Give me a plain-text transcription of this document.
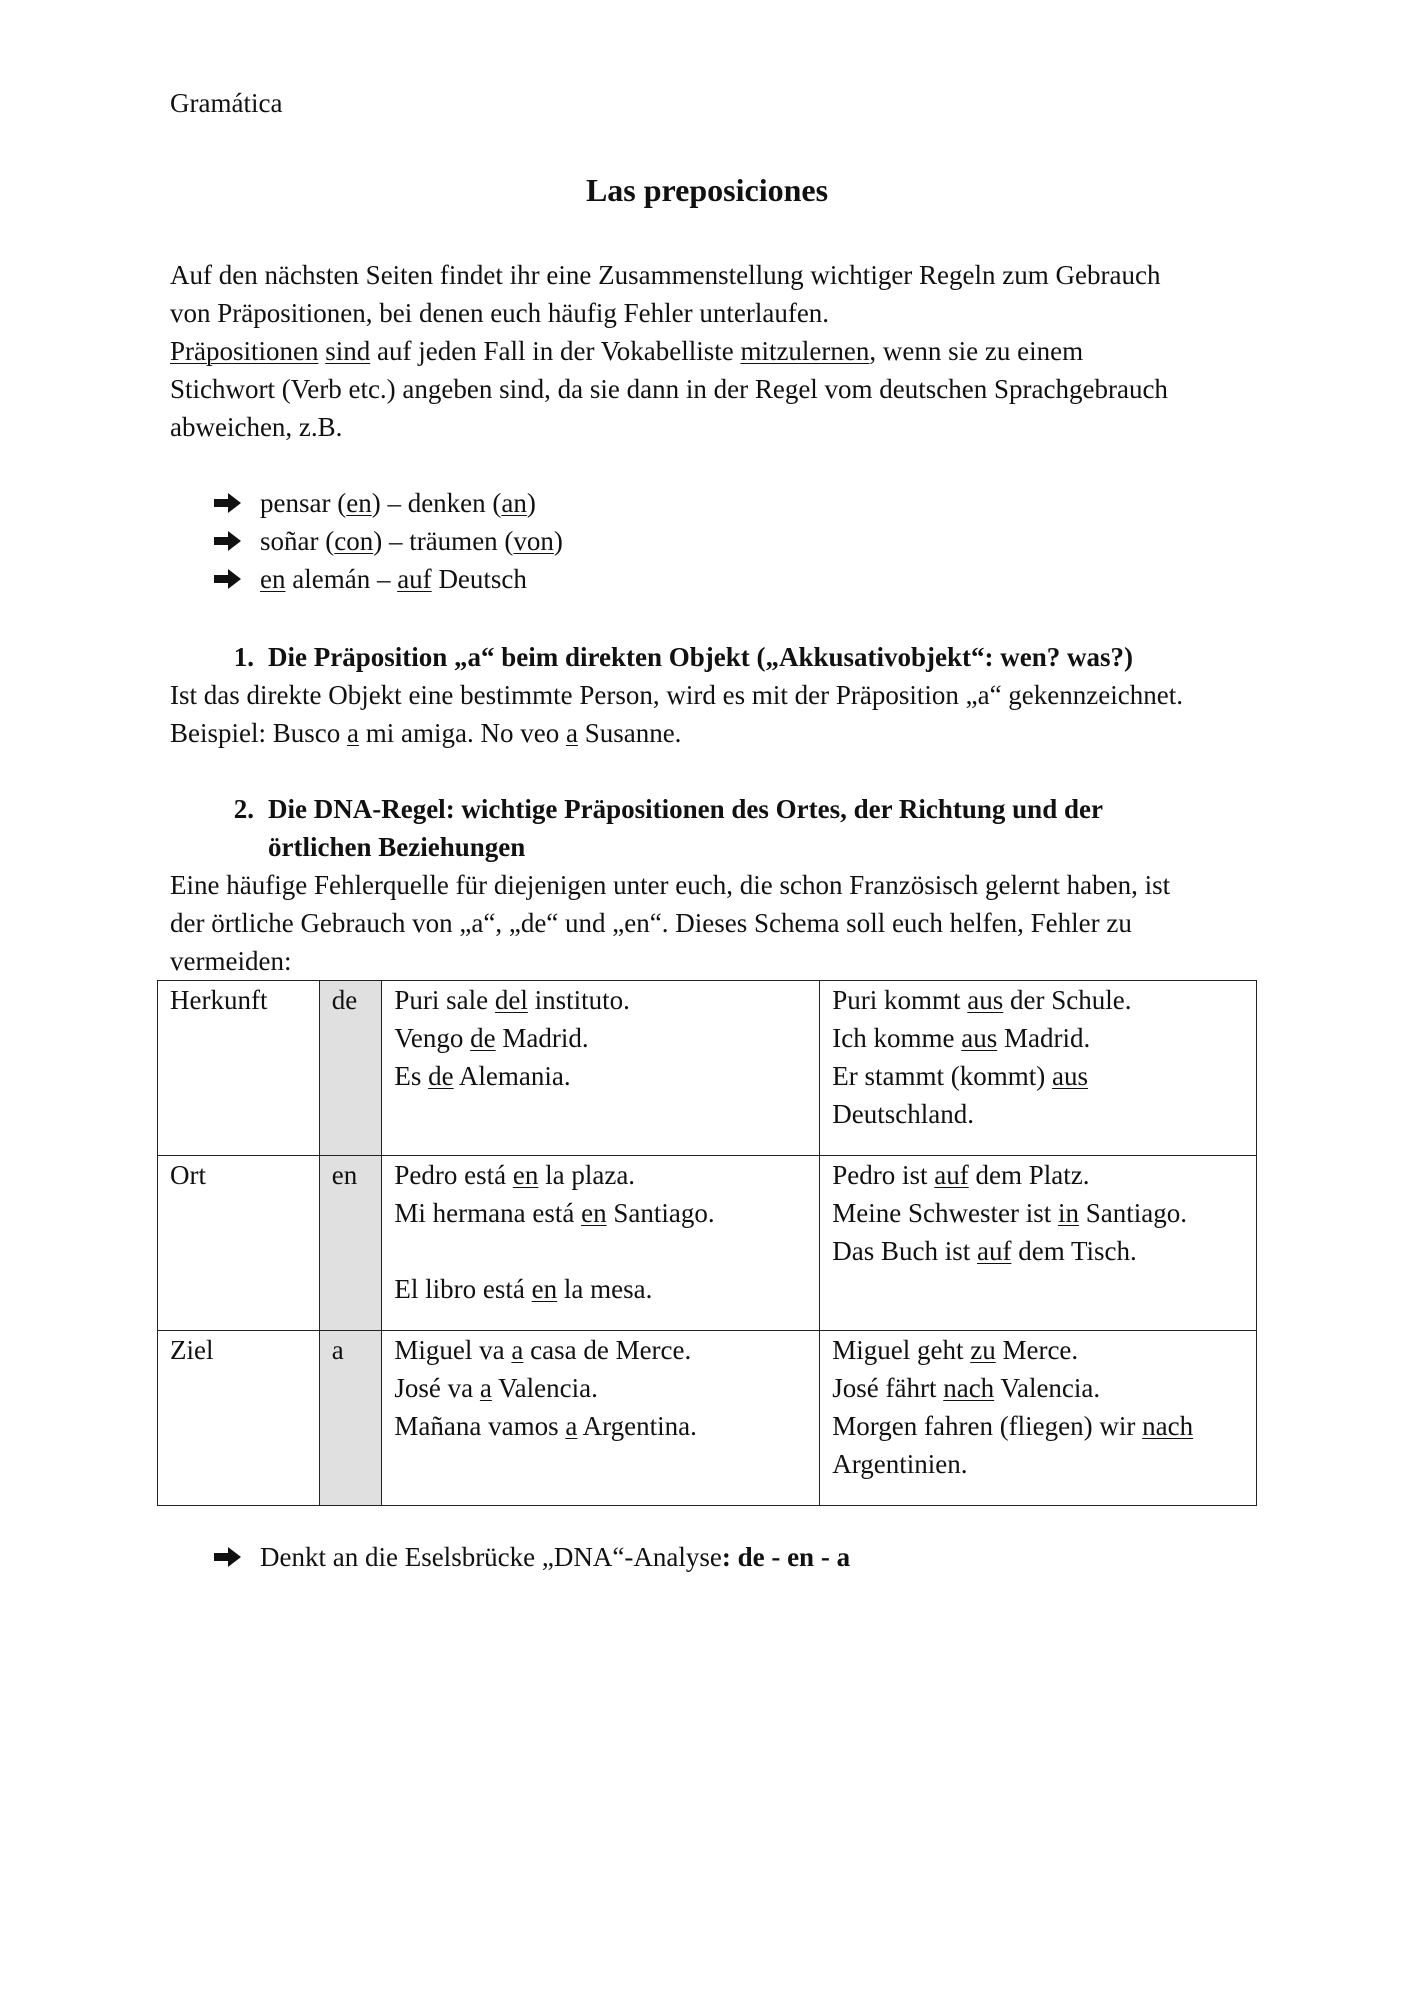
Gramática
Las preposiciones

Auf den nächsten Seiten findet ihr eine Zusammenstellung wichtiger Regeln zum Gebrauch

von Präpositionen, bei denen euch häufig Fehler unterlaufen.

Präpositionen sind auf jeden Fall in der Vokabelliste mitzulernen, wenn sie zu einem

Stichwort (Verb etc.) angeben sind, da sie dann in der Regel vom deutschen Sprachgebrauch

abweichen, z.B.

pensar (en) – denken (an)
soñar (con) – träumen (von)
en alemán – auf Deutsch
1. Die Präposition „a“ beim direkten Objekt („Akkusativobjekt“: wen? was?)
Ist das direkte Objekt eine bestimmte Person, wird es mit der Präposition „a“ gekennzeichnet.
Beispiel: Busco a mi amiga. No veo a Susanne.
2. Die DNA-Regel: wichtige Präpositionen des Ortes, der Richtung und der örtlichen Beziehungen
Eine häufige Fehlerquelle für diejenigen unter euch, die schon Französisch gelernt haben, ist
der örtliche Gebrauch von „a“, „de“ und „en“. Dieses Schema soll euch helfen, Fehler zu
vermeiden:
Herkunft	de	Puri sale del instituto.
Vengo de Madrid.
Es de Alemania.	Puri kommt aus der Schule.
Ich komme aus Madrid.
Er stammt (kommt) aus
Deutschland.

Ort	en	Pedro está en la plaza.
Mi hermana está en Santiago.
El libro está en la mesa.	Pedro ist auf dem Platz.
Meine Schwester ist in Santiago.
Das Buch ist auf dem Tisch.

Ziel	a	Miguel va a casa de Merce.
José va a Valencia.
Mañana vamos a Argentina.	Miguel geht zu Merce.
José fährt nach Valencia.
Morgen fahren (fliegen) wir nach
Argentinien.
Denkt an die Eselsbrücke „DNA“-Analyse : de - en - a
